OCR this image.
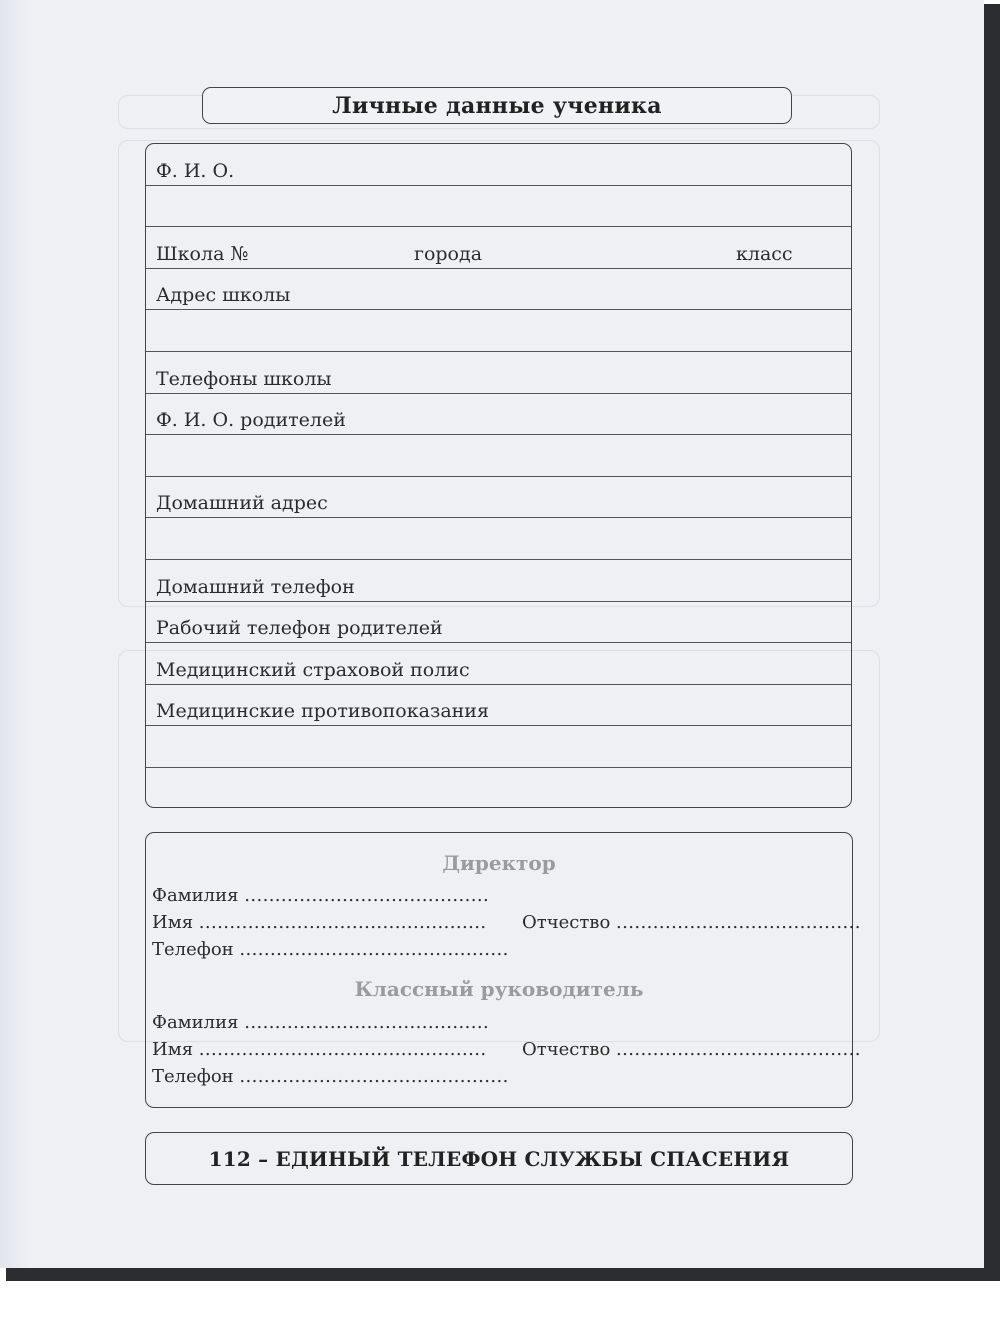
Личные данные ученика
Ф. И. О.
Школа №	города	класс
Адрес школы
Телефоны школы
Ф. И. О. родителей
Домашний адрес
Домашний телефон
Рабочий телефон родителей
Медицинский страховой полис
Медицинские противопоказания
Директор
Фамилия ........................................
Имя ............................................... Отчество ........................................
Телефон ............................................
Классный руководитель
Фамилия ........................................
Имя ............................................... Отчество ........................................
Телефон ............................................
112 – ЕДИНЫЙ ТЕЛЕФОН СЛУЖБЫ СПАСЕНИЯ
